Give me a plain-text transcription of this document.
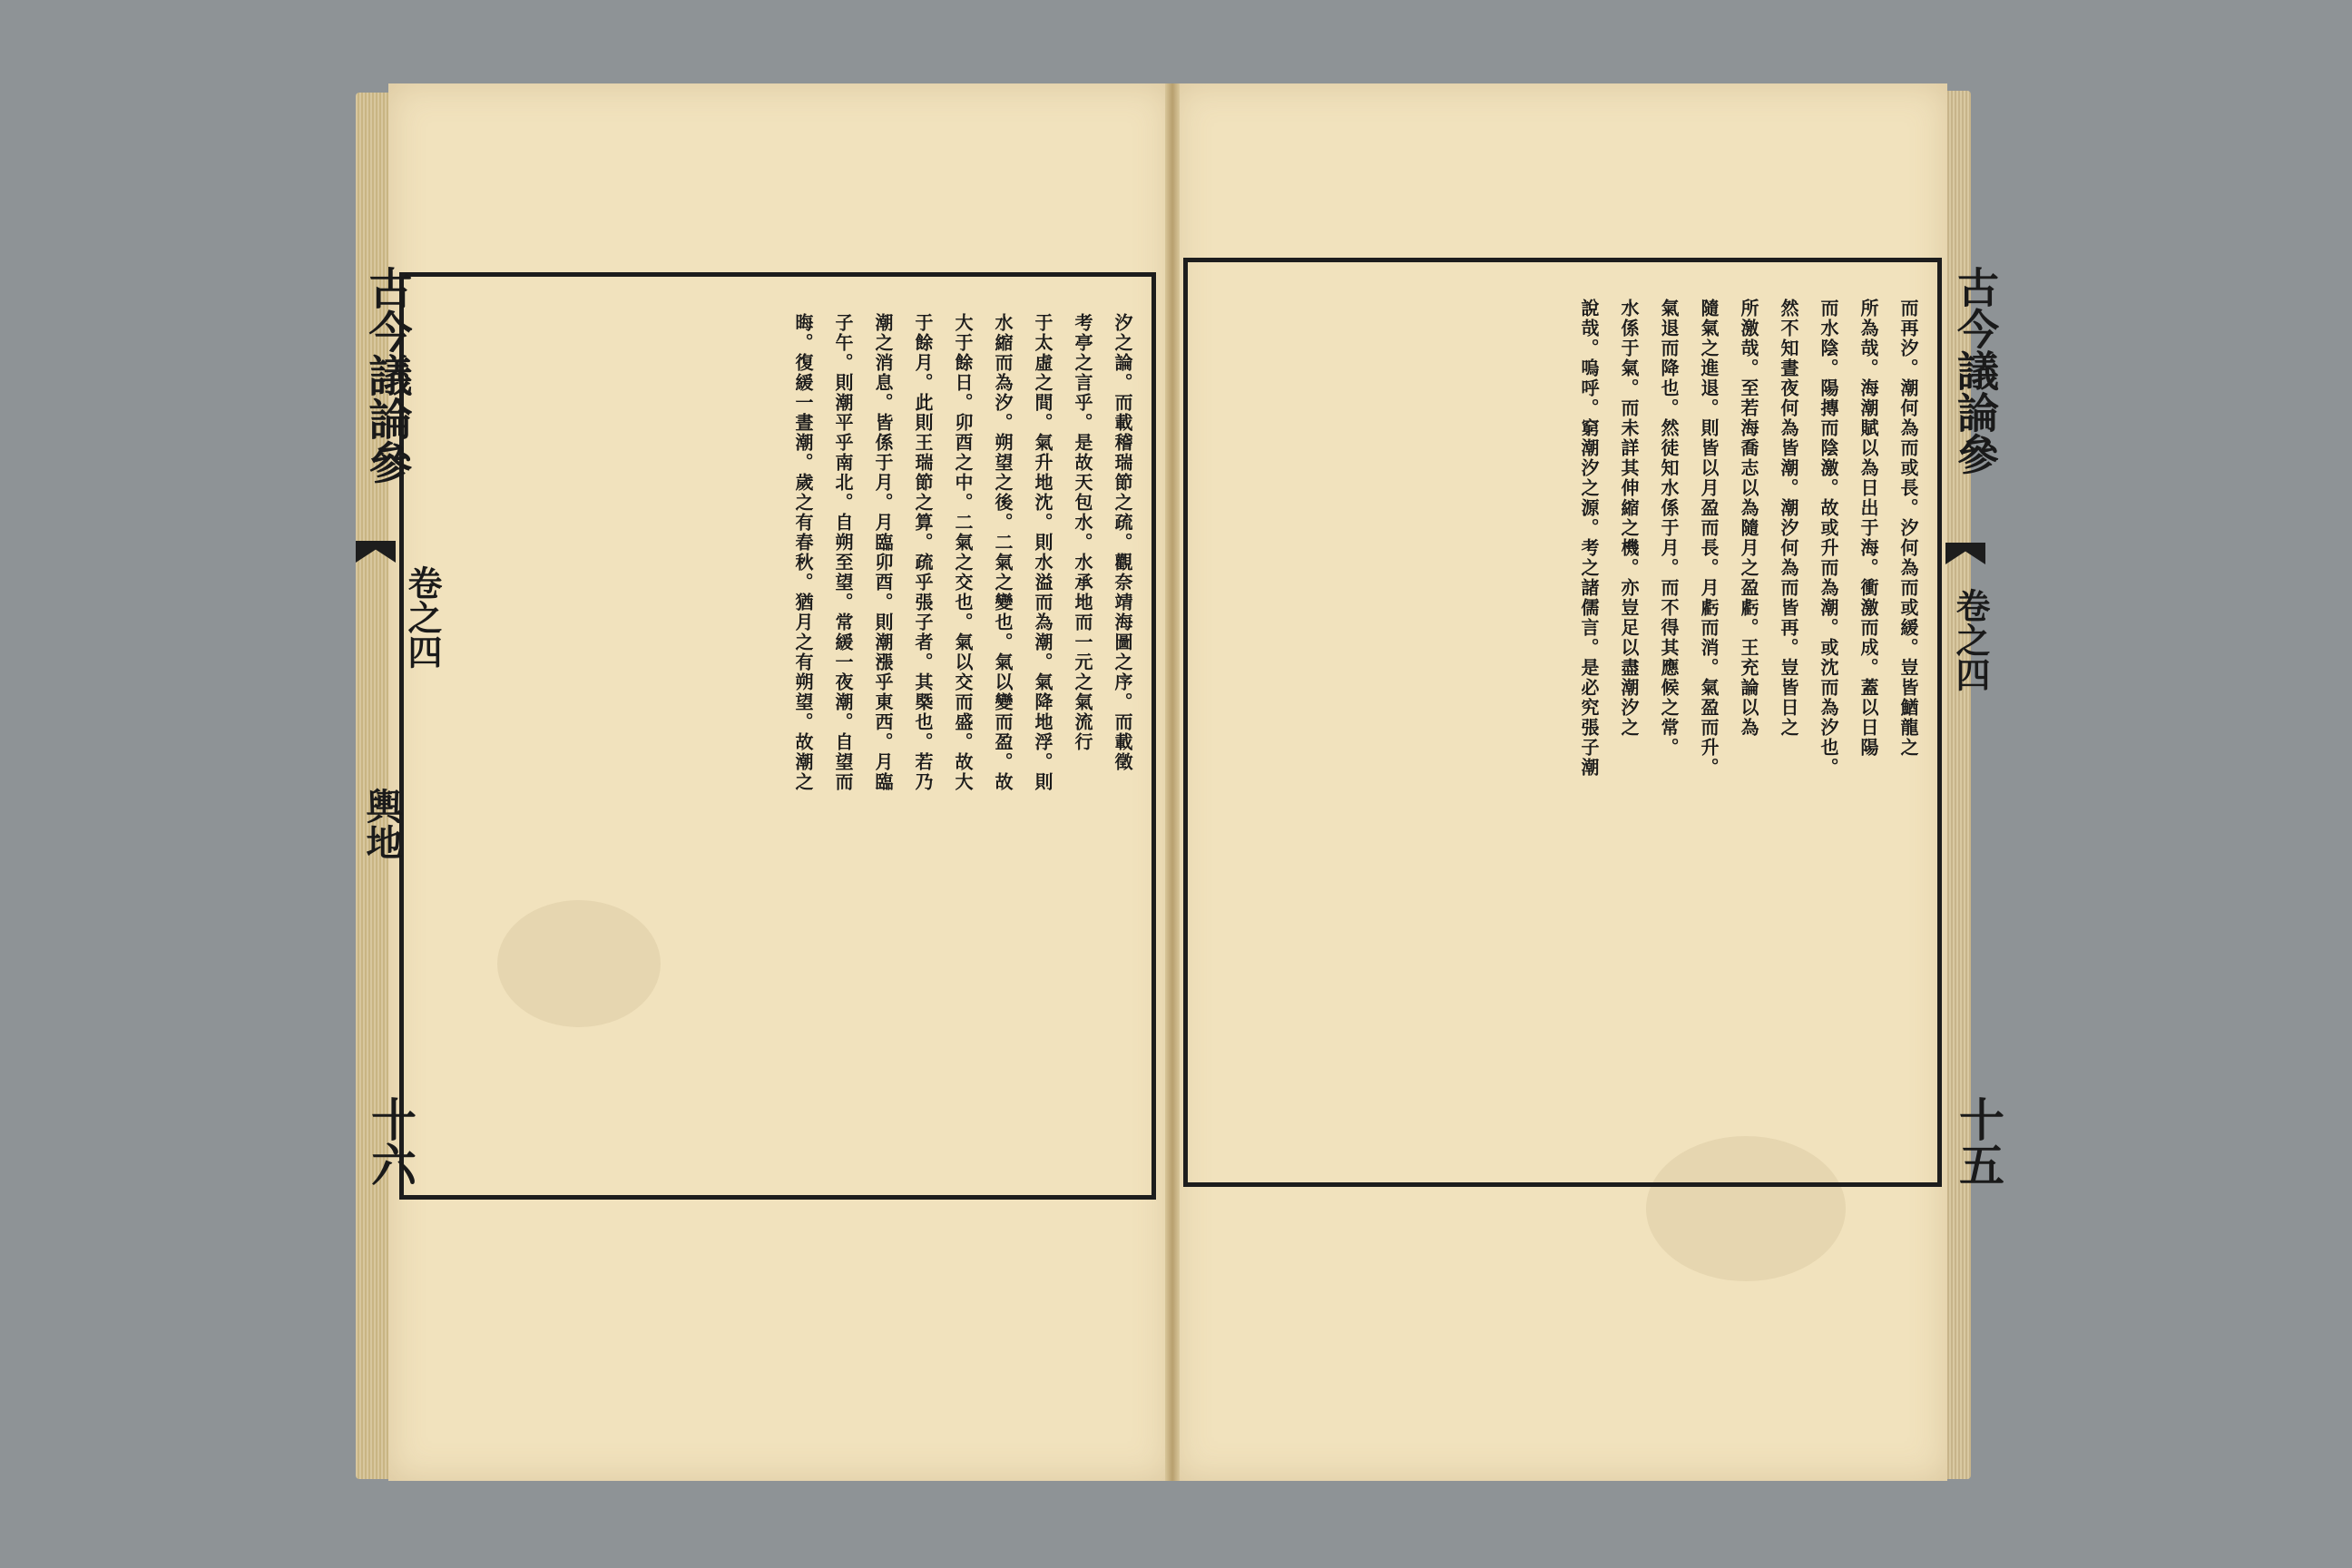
汐之論。而載稽瑞節之疏。觀奈靖海圖之序。而載徵
考亭之言乎。是故天包水。水承地而一元之氣流行
于太虛之間。氣升地沈。則水溢而為潮。氣降地浮。則
水縮而為汐。朔望之後。二氣之變也。氣以變而盈。故
大于餘日。卯酉之中。二氣之交也。氣以交而盛。故大
于餘月。此則王瑞節之算。疏乎張子者。其槩也。若乃
潮之消息。皆係于月。月臨卯酉。則潮漲乎東西。月臨
子午。則潮平乎南北。自朔至望。常緩一夜潮。自望而
晦。復緩一晝潮。歲之有春秋。猶月之有朔望。故潮之	而再汐。潮何為而或長。汐何為而或緩。豈皆鰌龍之
所為哉。海潮賦以為日出于海。衝激而成。蓋以日陽
而水陰。陽摶而陰激。故或升而為潮。或沈而為汐也。
然不知晝夜何為皆潮。潮汐何為而皆再。豈皆日之
所激哉。至若海喬志以為隨月之盈虧。王充論以為
隨氣之進退。則皆以月盈而長。月虧而消。氣盈而升。
氣退而降也。然徒知水係于月。而不得其應候之常。
水係于氣。而未詳其伸縮之機。亦豈足以盡潮汐之
說哉。嗚呼。窮潮汐之源。考之諸儒言。是必究張子潮
古今議論參
卷之四
輿地
十六
古今議論參
卷之四
十五
